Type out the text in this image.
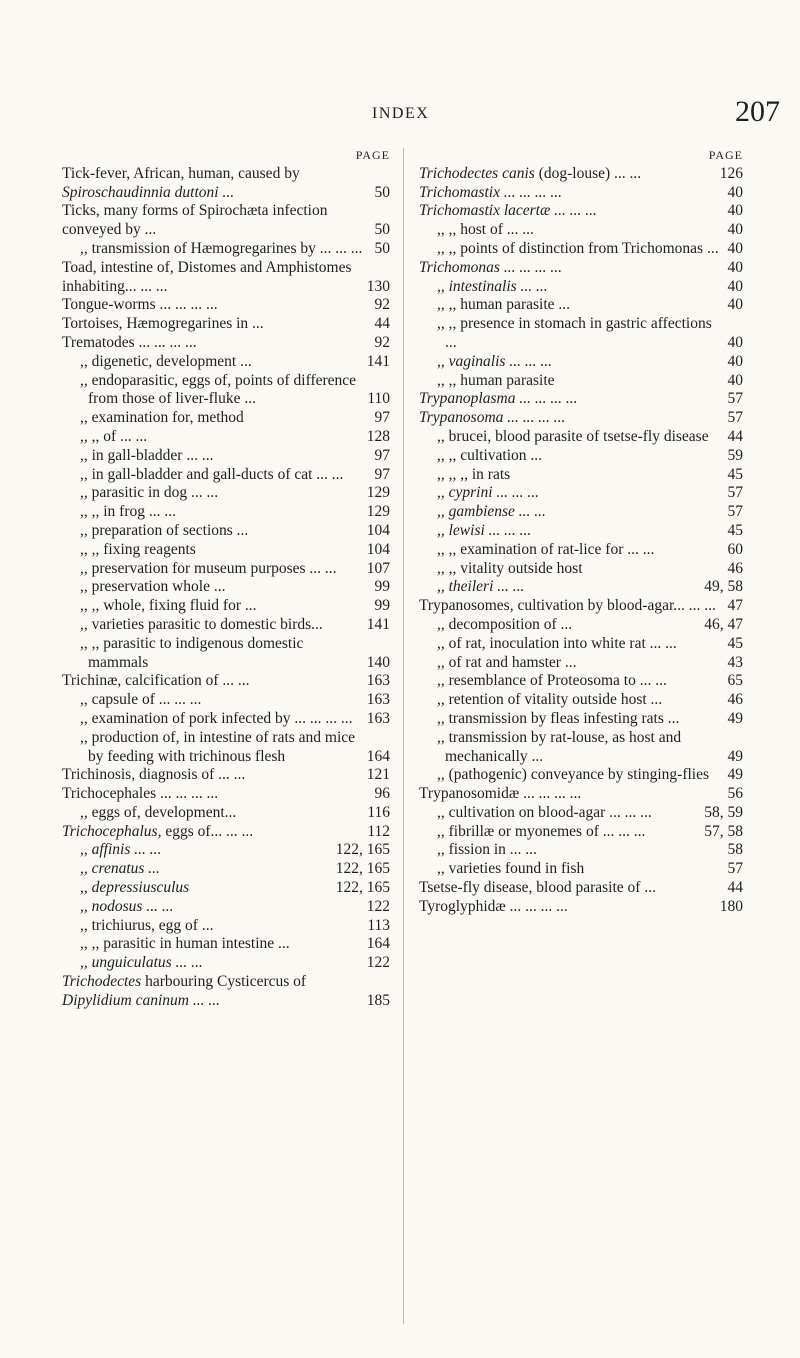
INDEX	207
PAGE
Tick-fever, African, human, caused by
Spiroschaudinnia duttoni ...	50
Ticks, many forms of Spirochæta infection conveyed by ...	50
,, transmission of Hæmogregarines by ... ... ... 50
Toad, intestine of, Distomes and Amphistomes inhabiting... ... ...	130
Tongue-worms ... ... ... ...	92
Tortoises, Hæmogregarines in ...	44
Trematodes ... ... ... ...	92
,, digenetic, development ...	141
,, endoparasitic, eggs of, points of difference from those of liver-fluke ...	110
,, examination for, method	97
,, ,, of ... ...	128
,, in gall-bladder ... ...	97
,, in gall-bladder and gall-ducts of cat ... ...	97
,, parasitic in dog ... ...	129
,, ,, in frog ... ...	129
,, preparation of sections ...	104
,, ,, fixing reagents	104
,, preservation for museum purposes ... ...	107
,, preservation whole ...	99
,, ,, whole, fixing fluid for ...	99
,, varieties parasitic to domestic birds...	141
,, ,, parasitic to indigenous domestic mammals	140
Trichinæ, calcification of ... ...	163
,, capsule of ... ... ...	163
,, examination of pork infected by ... ... ... ... 163
,, production of, in intestine of rats and mice by feeding with trichinous flesh	164
Trichinosis, diagnosis of ... ...	121
Trichocephales ... ... ... ...	96
,, eggs of, development...	116
Trichocephalus, eggs of... ... ...	112
,, affinis ... ...	122, 165
,, crenatus ...	122, 165
,, depressiusculus	122, 165
,, nodosus ... ...	122
,, trichiurus, egg of ...	113
,, ,, parasitic in human intestine ...	164
,, unguiculatus ... ...	122
Trichodectes harbouring Cysticercus of
Dipylidium caninum ... ...	185
PAGE
Trichodectes canis (dog-louse) ... ...	126
Trichomastix ... ... ... ...	40
Trichomastix lacertæ ... ... ...	40
,, ,, host of ... ...	40
,, ,, points of distinction from Trichomonas ... 40
Trichomonas ... ... ... ...	40
,, intestinalis ... ...	40
,, ,, human parasite ...	40
,, ,, presence in stomach in gastric affections ...	40
,, vaginalis ... ... ...	40
,, ,, human parasite	40
Trypanoplasma ... ... ... ...	57
Trypanosoma ... ... ... ...	57
,, brucei, blood parasite of tsetse-fly disease	44
,, ,, cultivation ...	59
,, ,, ,, in rats	45
,, cyprini ... ... ...	57
,, gambiense ... ...	57
,, lewisi ... ... ...	45
,, ,, examination of rat-lice for ... ...	60
,, ,, vitality outside host	46
,, theileri ... ...	49, 58
Trypanosomes, cultivation by blood-agar... ... ... 47
,, decomposition of ...	46, 47
,, of rat, inoculation into white rat ... ...	45
,, of rat and hamster ...	43
,, resemblance of Proteosoma to ... ...	65
,, retention of vitality outside host ...	46
,, transmission by fleas infesting rats ...	49
,, transmission by rat-louse, as host and mechanically ...	49
,, (pathogenic) conveyance by stinging-flies	49
Trypanosomidæ ... ... ... ...	56
,, cultivation on blood-agar ... ... ...	58, 59
,, fibrillæ or myonemes of ... ... ...	57, 58
,, fission in ... ...	58
,, varieties found in fish	57
Tsetse-fly disease, blood parasite of ...	44
Tyroglyphidæ ... ... ... ...	180
